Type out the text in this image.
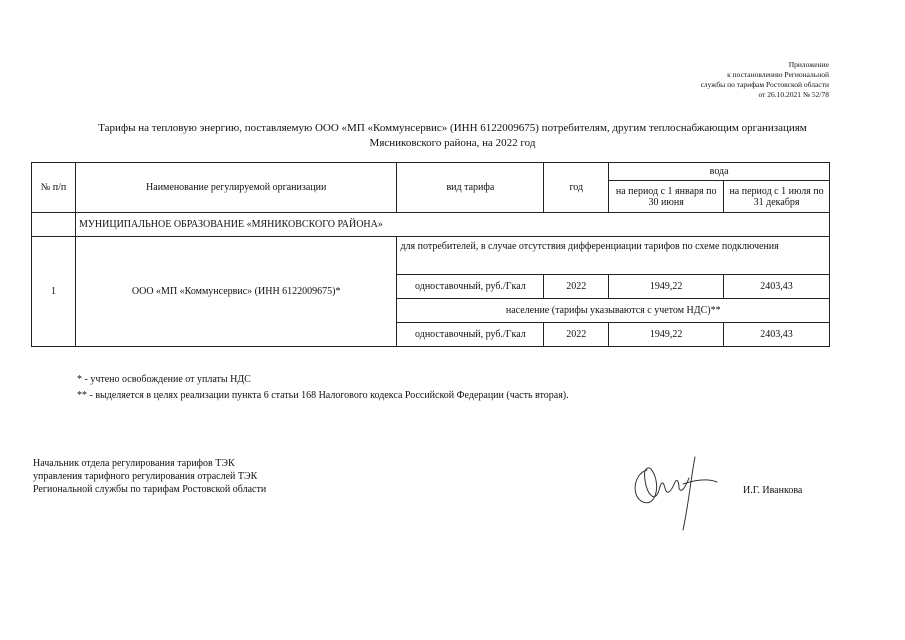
Приложение
к постановлению Региональной
службы по тарифам Ростовской области
от 26.10.2021 № 52/78
Тарифы на тепловую энергию, поставляемую ООО «МП «Коммунсервис» (ИНН 6122009675) потребителям, другим теплоснабжающим организациям
Мясниковского района, на 2022 год
№ п/п	Наименование регулируемой организации	вид тарифа	год	вода	
				на период с 1 января по 30 июня	на период с 1 июля по 31 декабря
	МУНИЦИПАЛЬНОЕ ОБРАЗОВАНИЕ «МЯНИКОВСКОГО РАЙОНА»				
1	ООО «МП «Коммунсервис» (ИНН 6122009675)*	для потребителей, в случае отсутствия дифференциации тарифов по схеме подключения			
		одноставочный, руб./Гкал	2022	1949,22	2403,43
		население (тарифы указываются с учетом НДС)**			
		одноставочный, руб./Гкал	2022	1949,22	2403,43
* - учтено освобождение от уплаты НДС
** - выделяется в целях реализации пункта 6 статьи 168 Налогового кодекса Российской Федерации (часть вторая).
Начальник отдела регулирования тарифов ТЭК
управления тарифного регулирования отраслей ТЭК
Региональной службы по тарифам Ростовской области	И.Г. Иванкова
